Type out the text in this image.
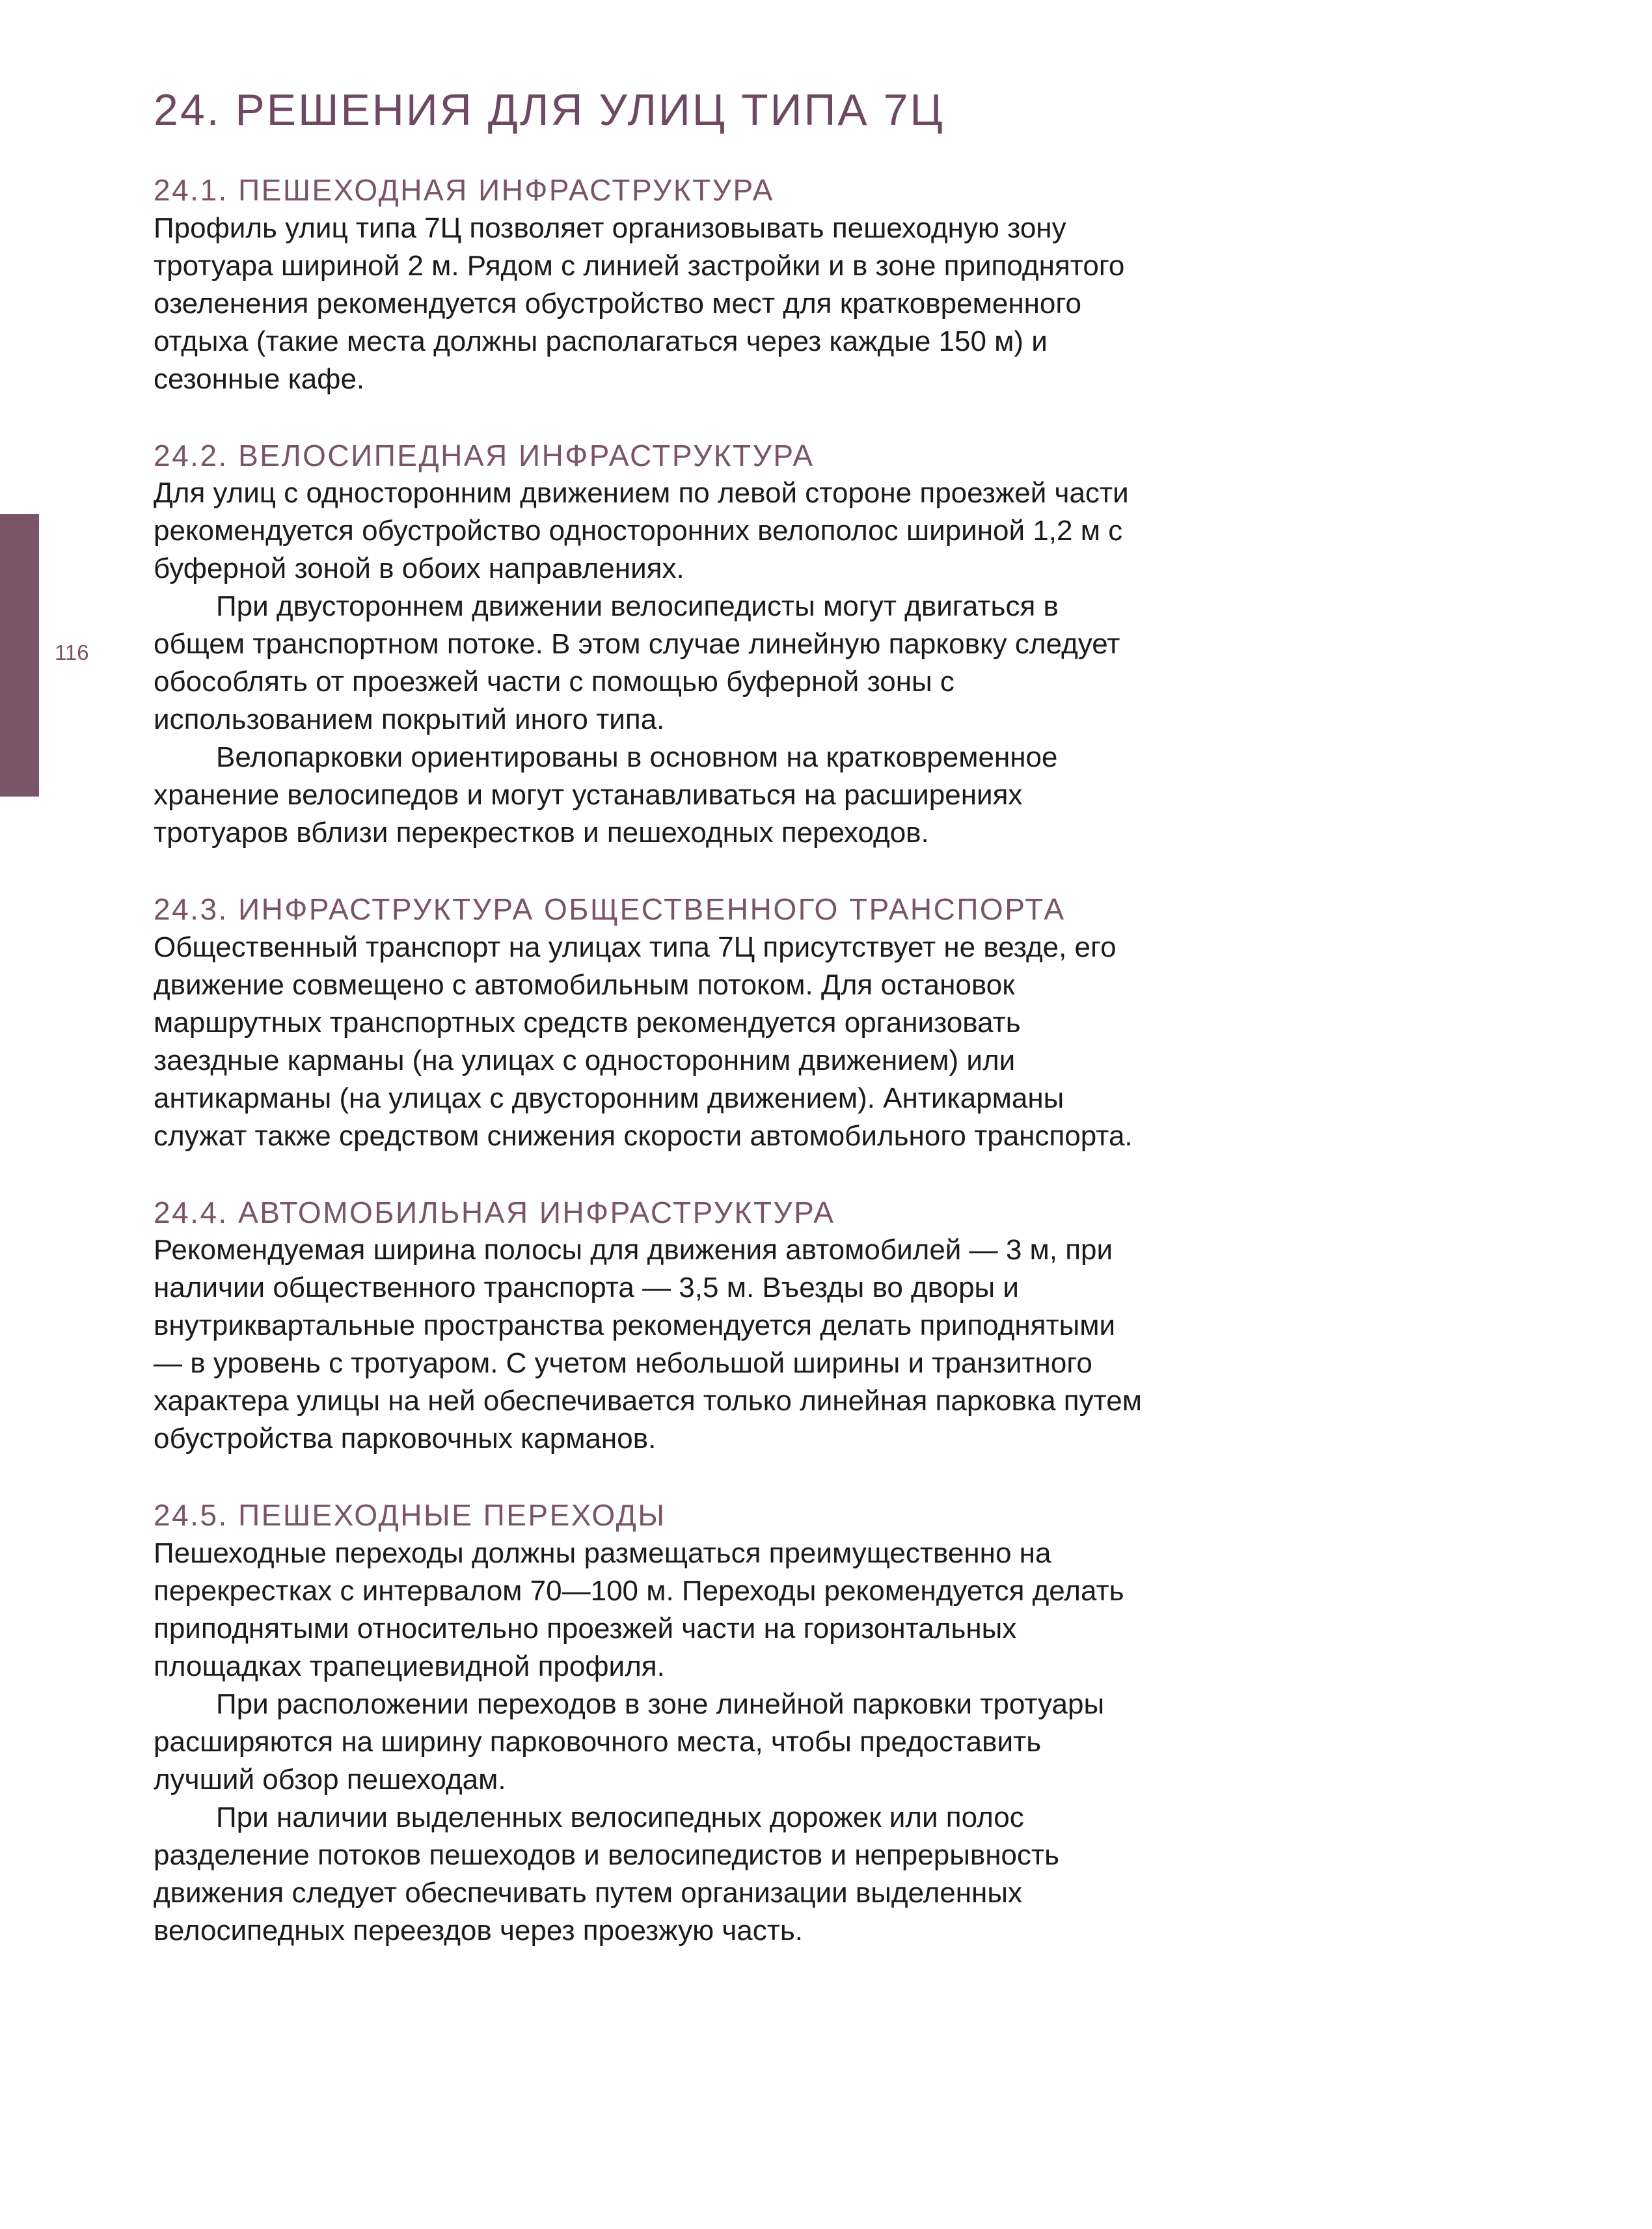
116
24. РЕШЕНИЯ ДЛЯ УЛИЦ ТИПА 7Ц
24.1. ПЕШЕХОДНАЯ ИНФРАСТРУКТУРА

Профиль улиц типа 7Ц позволяет организовывать пешеходную зону тротуара шириной 2 м. Рядом с линией застройки и в зоне приподнятого озеленения рекомендуется обустройство мест для кратковременного отдыха (такие места должны располагаться через каждые 150 м) и сезонные кафе.

24.2. ВЕЛОСИПЕДНАЯ ИНФРАСТРУКТУРА

Для улиц с односторонним движением по левой стороне проезжей части рекомендуется обустройство односторонних велополос шириной 1,2 м с буферной зоной в обоих направлениях.

При двустороннем движении велосипедисты могут двигаться в общем транспортном потоке. В этом случае линейную парковку следует обособлять от проезжей части с помощью буферной зоны с использованием покрытий иного типа.

Велопарковки ориентированы в основном на кратковременное хранение велосипедов и могут устанавливаться на расширениях тротуаров вблизи перекрестков и пешеходных переходов.

24.3. ИНФРАСТРУКТУРА ОБЩЕСТВЕННОГО ТРАНСПОРТА

Общественный транспорт на улицах типа 7Ц присутствует не везде, его движение совмещено с автомобильным потоком. Для остановок маршрутных транспортных средств рекомендуется организовать заездные карманы (на улицах с односторонним движением) или антикарманы (на улицах с двусторонним движением). Антикарманы служат также средством снижения скорости автомобильного транспорта.

24.4. АВТОМОБИЛЬНАЯ ИНФРАСТРУКТУРА

Рекомендуемая ширина полосы для движения автомобилей — 3 м, при наличии общественного транспорта — 3,5 м. Въезды во дворы и внутриквартальные пространства рекомендуется делать приподнятыми — в уровень с тротуаром. С учетом небольшой ширины и транзитного характера улицы на ней обеспечивается только линейная парковка путем обустройства парковочных карманов.

24.5. ПЕШЕХОДНЫЕ ПЕРЕХОДЫ

Пешеходные переходы должны размещаться преимущественно на перекрестках с интервалом 70—100 м. Переходы рекомендуется делать приподнятыми относительно проезжей части на горизонтальных площадках трапециевидной профиля.

При расположении переходов в зоне линейной парковки тротуары расширяются на ширину парковочного места, чтобы предоставить лучший обзор пешеходам.

При наличии выделенных велосипедных дорожек или полос разделение потоков пешеходов и велосипедистов и непрерывность движения следует обеспечивать путем организации выделенных велосипедных переездов через проезжую часть.
